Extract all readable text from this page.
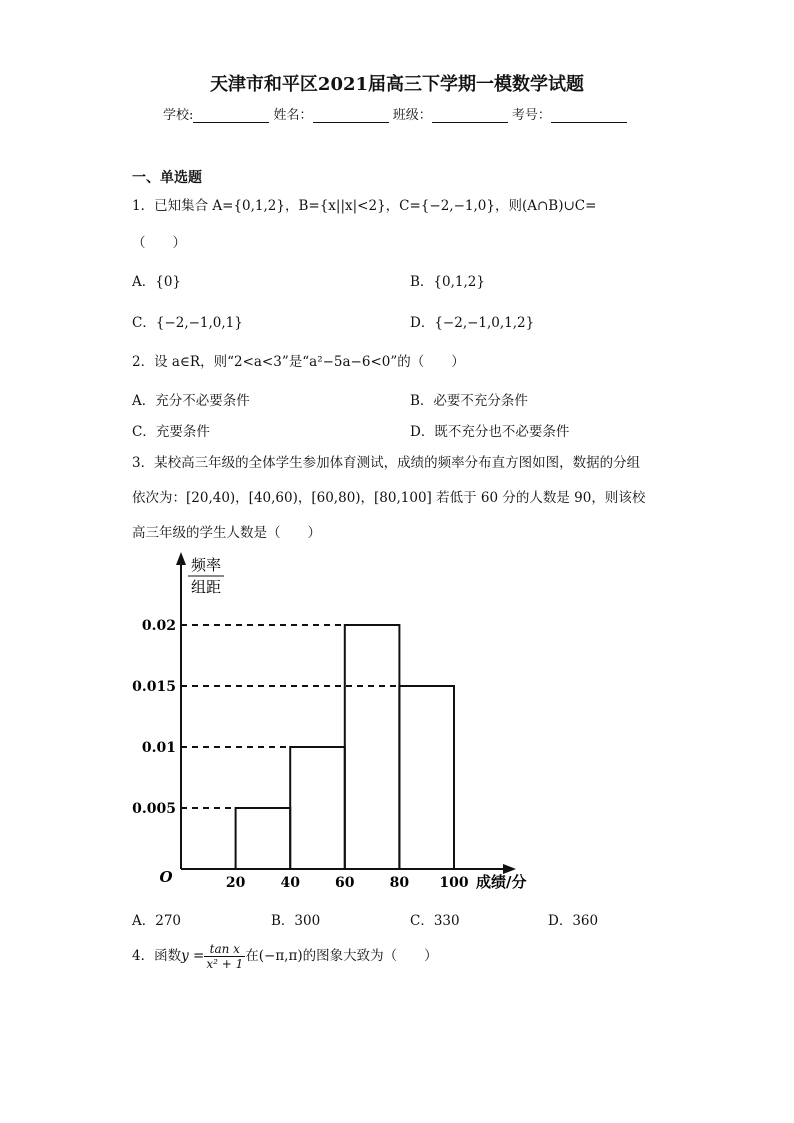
天津市和平区2021届高三下学期一模数学试题
学校:	姓名：	班级：	考号：
一、单选题
1．已知集合 A={0,1,2}，B={x||x|<2}，C={−2,−1,0}，则(A∩B)∪C=
（　　）
A．{0}	B．{0,1,2}
C．{−2,−1,0,1}	D．{−2,−1,0,1,2}
2．设 a∈R，则“2<a<3”是“a²−5a−6<0”的（　　）
A．充分不必要条件	B．必要不充分条件
C．充要条件	D．既不充分也不必要条件
3．某校高三年级的全体学生参加体育测试，成绩的频率分布直方图如图，数据的分组
依次为：[20,40)，[40,60)，[60,80)，[80,100] 若低于 60 分的人数是 90，则该校
高三年级的学生人数是（　　）
频率
组距
O	成绩/分
0.005
0.01
0.015
0.02
20	40	60	80 100
A．270	B．300	C．330	D．360
4．函数$y = \frac{\text{tan x}}{\text{x² + 1}}$ 在(−π,π)的图象大致为（　　）
